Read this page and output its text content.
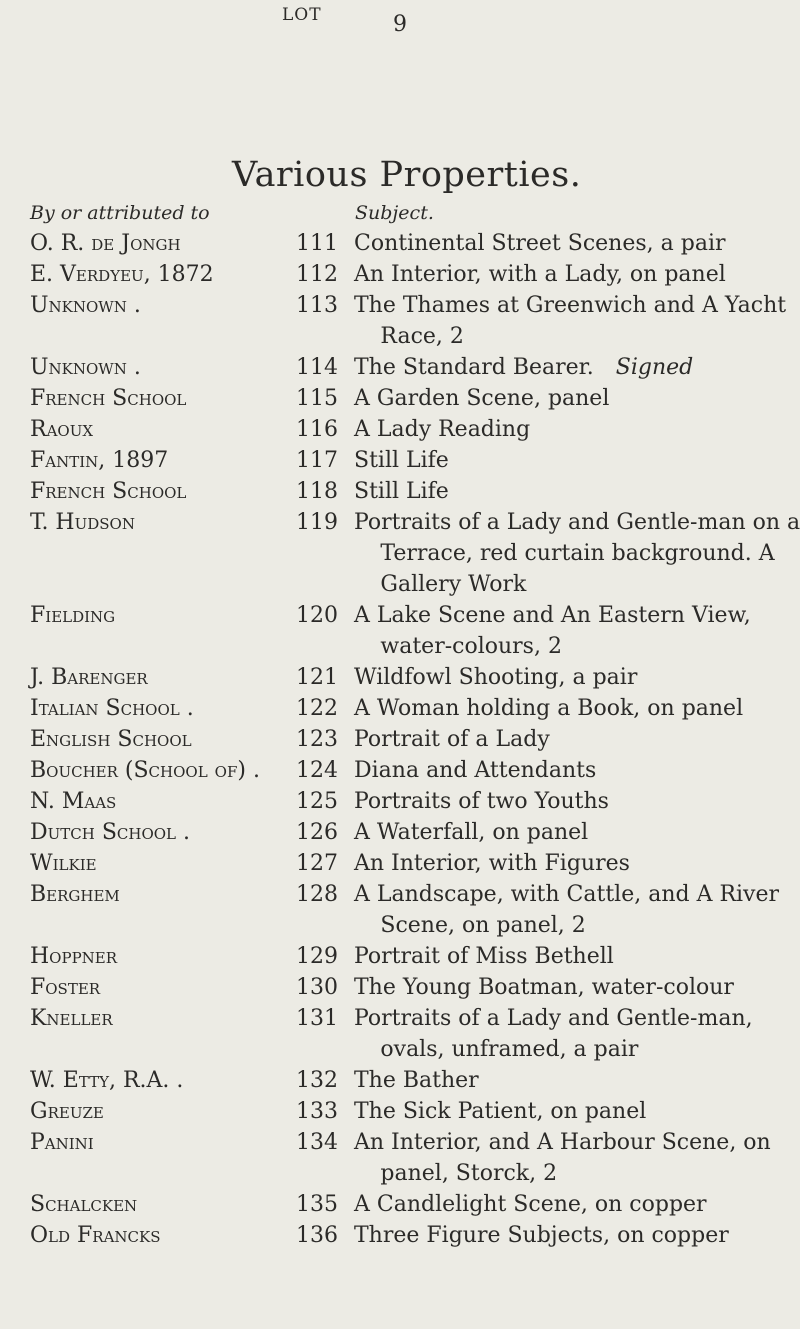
9
Various Properties.
By or attributed to
LOT
Subject.
O. R. de Jongh	111 Continental Street Scenes, a pair
E. Verdyeu, 1872	112 An Interior, with a Lady, on panel
Unknown .	113 The Thames at Greenwich and A Yacht Race, 2
Unknown .	114 The Standard Bearer.  Signed
French School	115 A Garden Scene, panel
Raoux	116 A Lady Reading
Fantin, 1897	117 Still Life
French School	118 Still Life
T. Hudson	119 Portraits of a Lady and Gentle-man on a Terrace, red curtain background. A Gallery Work
Fielding	120 A Lake Scene and An Eastern View, water-colours, 2
J. Barenger	121 Wildfowl Shooting, a pair
Italian School .	122 A Woman holding a Book, on panel
English School	123 Portrait of a Lady
Boucher (School of) .	124 Diana and Attendants
N. Maas	125 Portraits of two Youths
Dutch School .	126 A Waterfall, on panel
Wilkie	127 An Interior, with Figures
Berghem	128 A Landscape, with Cattle, and A River Scene, on panel, 2
Hoppner	129 Portrait of Miss Bethell
Foster	130 The Young Boatman, water-colour
Kneller	131 Portraits of a Lady and Gentle-man, ovals, unframed, a pair
W. Etty, R.A. .	132 The Bather
Greuze	133 The Sick Patient, on panel
Panini	134 An Interior, and A Harbour Scene, on panel, Storck, 2
Schalcken	135 A Candlelight Scene, on copper
Old Francks	136 Three Figure Subjects, on copper
